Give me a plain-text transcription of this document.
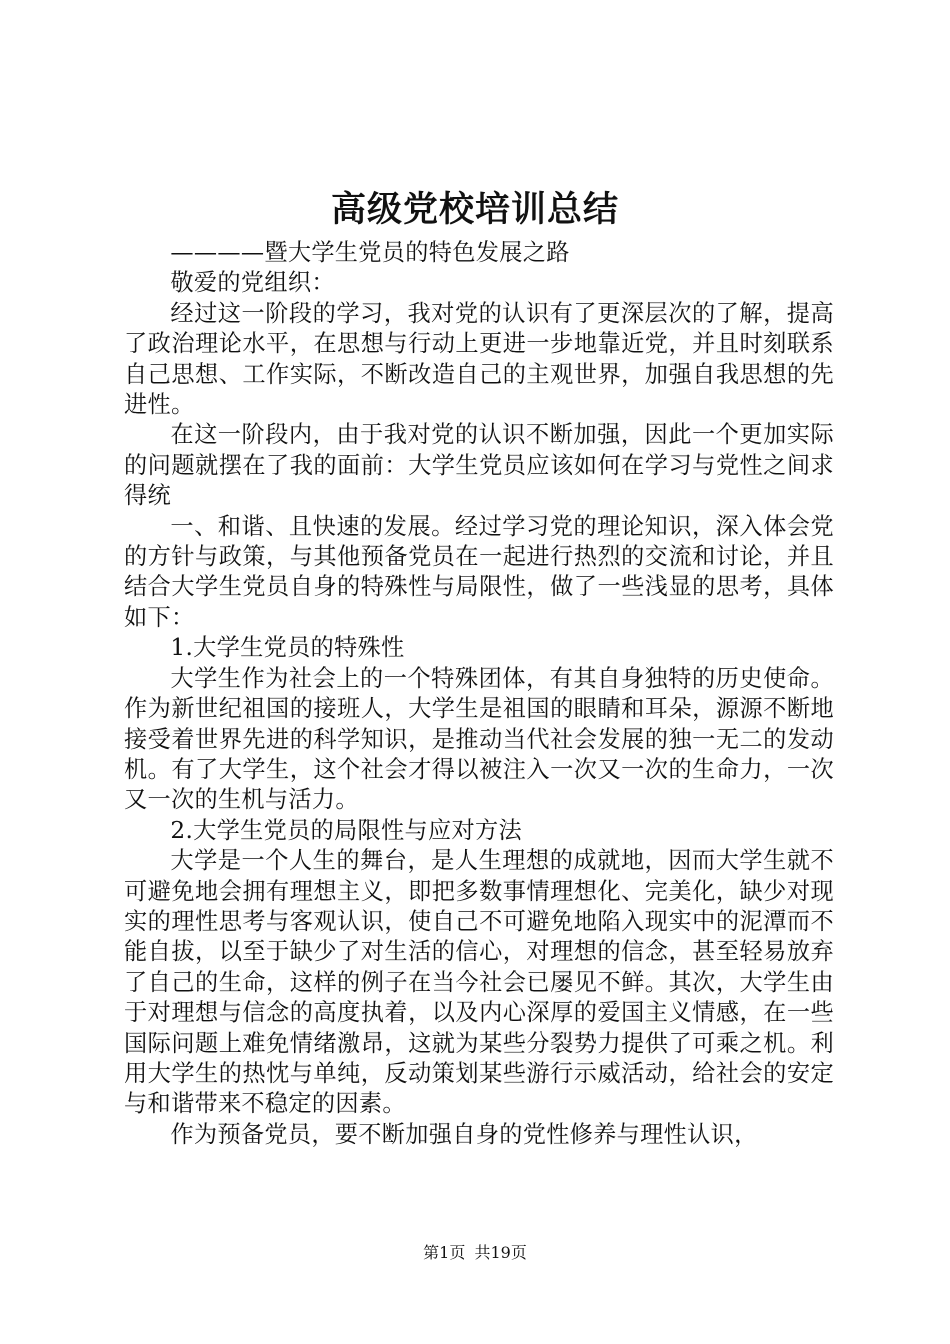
高级党校培训总结

————暨大学生党员的特色发展之路

敬爱的党组织：

经过这一阶段的学习，我对党的认识有了更深层次的了解，提高了政治理论水平，在思想与行动上更进一步地靠近党，并且时刻联系自己思想、工作实际，不断改造自己的主观世界，加强自我思想的先进性。

在这一阶段内，由于我对党的认识不断加强，因此一个更加实际的问题就摆在了我的面前：大学生党员应该如何在学习与党性之间求得统

一、和谐、且快速的发展。经过学习党的理论知识，深入体会党的方针与政策，与其他预备党员在一起进行热烈的交流和讨论，并且结合大学生党员自身的特殊性与局限性，做了一些浅显的思考，具体如下：

1.大学生党员的特殊性

大学生作为社会上的一个特殊团体，有其自身独特的历史使命。作为新世纪祖国的接班人，大学生是祖国的眼睛和耳朵，源源不断地接受着世界先进的科学知识，是推动当代社会发展的独一无二的发动机。有了大学生，这个社会才得以被注入一次又一次的生命力，一次又一次的生机与活力。

2.大学生党员的局限性与应对方法

大学是一个人生的舞台，是人生理想的成就地，因而大学生就不可避免地会拥有理想主义，即把多数事情理想化、完美化，缺少对现实的理性思考与客观认识，使自己不可避免地陷入现实中的泥潭而不能自拔，以至于缺少了对生活的信心，对理想的信念，甚至轻易放弃了自己的生命，这样的例子在当今社会已屡见不鲜。其次，大学生由于对理想与信念的高度执着，以及内心深厚的爱国主义情感，在一些国际问题上难免情绪激昂，这就为某些分裂势力提供了可乘之机。利用大学生的热忱与单纯，反动策划某些游行示威活动，给社会的安定与和谐带来不稳定的因素。

作为预备党员，要不断加强自身的党性修养与理性认识，

第1页 共19页
